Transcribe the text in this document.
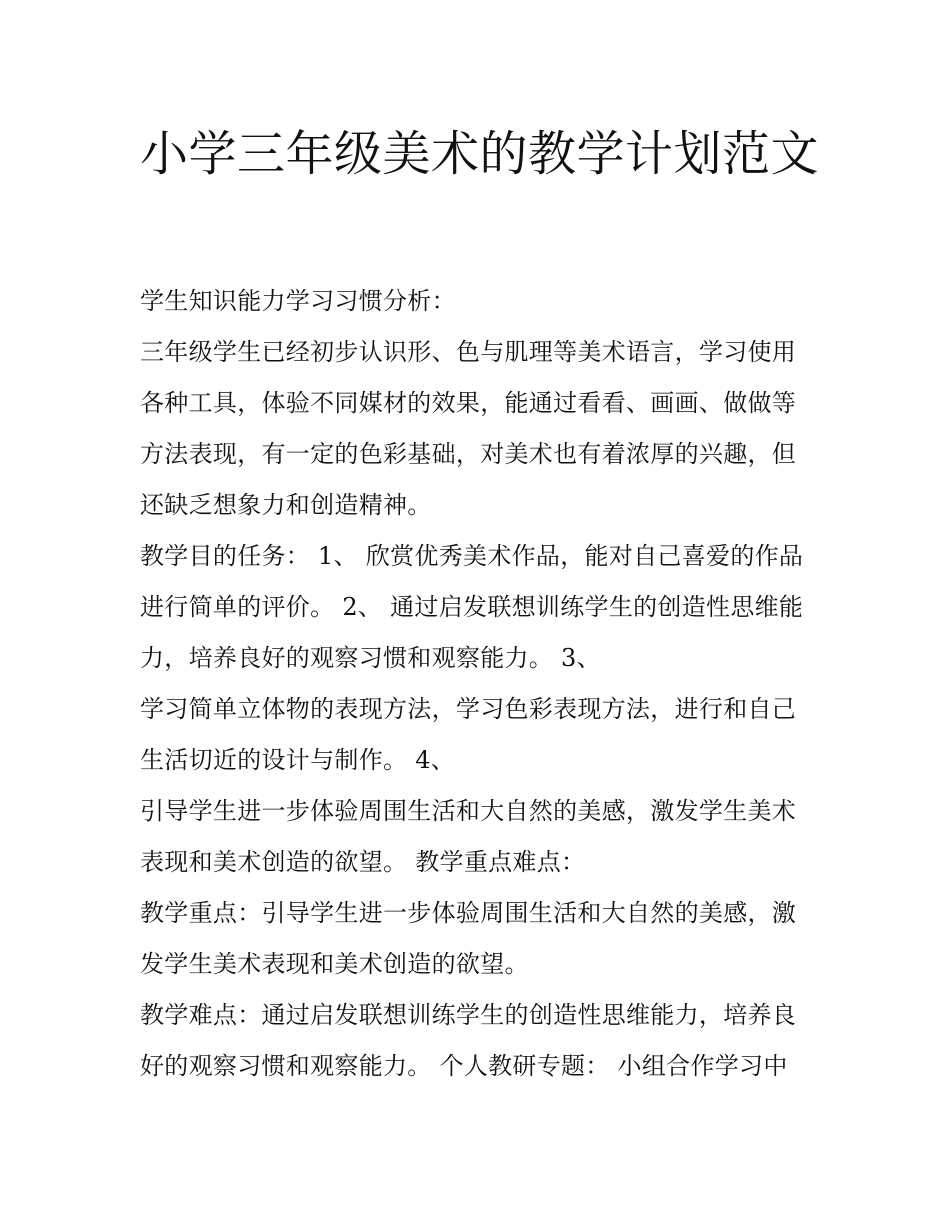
小学三年级美术的教学计划范文

学生知识能力学习习惯分析：

三年级学生已经初步认识形、色与肌理等美术语言，学习使用各种工具，体验不同媒材的效果，能通过看看、画画、做做等方法表现，有一定的色彩基础，对美术也有着浓厚的兴趣，但还缺乏想象力和创造精神。

教学目的任务： 1、 欣赏优秀美术作品，能对自己喜爱的作品进行简单的评价。 2、 通过启发联想训练学生的创造性思维能力，培养良好的观察习惯和观察能力。 3、

学习简单立体物的表现方法，学习色彩表现方法，进行和自己生活切近的设计与制作。 4、

引导学生进一步体验周围生活和大自然的美感，激发学生美术表现和美术创造的欲望。 教学重点难点：

教学重点：引导学生进一步体验周围生活和大自然的美感，激发学生美术表现和美术创造的欲望。

教学难点：通过启发联想训练学生的创造性思维能力，培养良好的观察习惯和观察能力。 个人教研专题： 小组合作学习中
